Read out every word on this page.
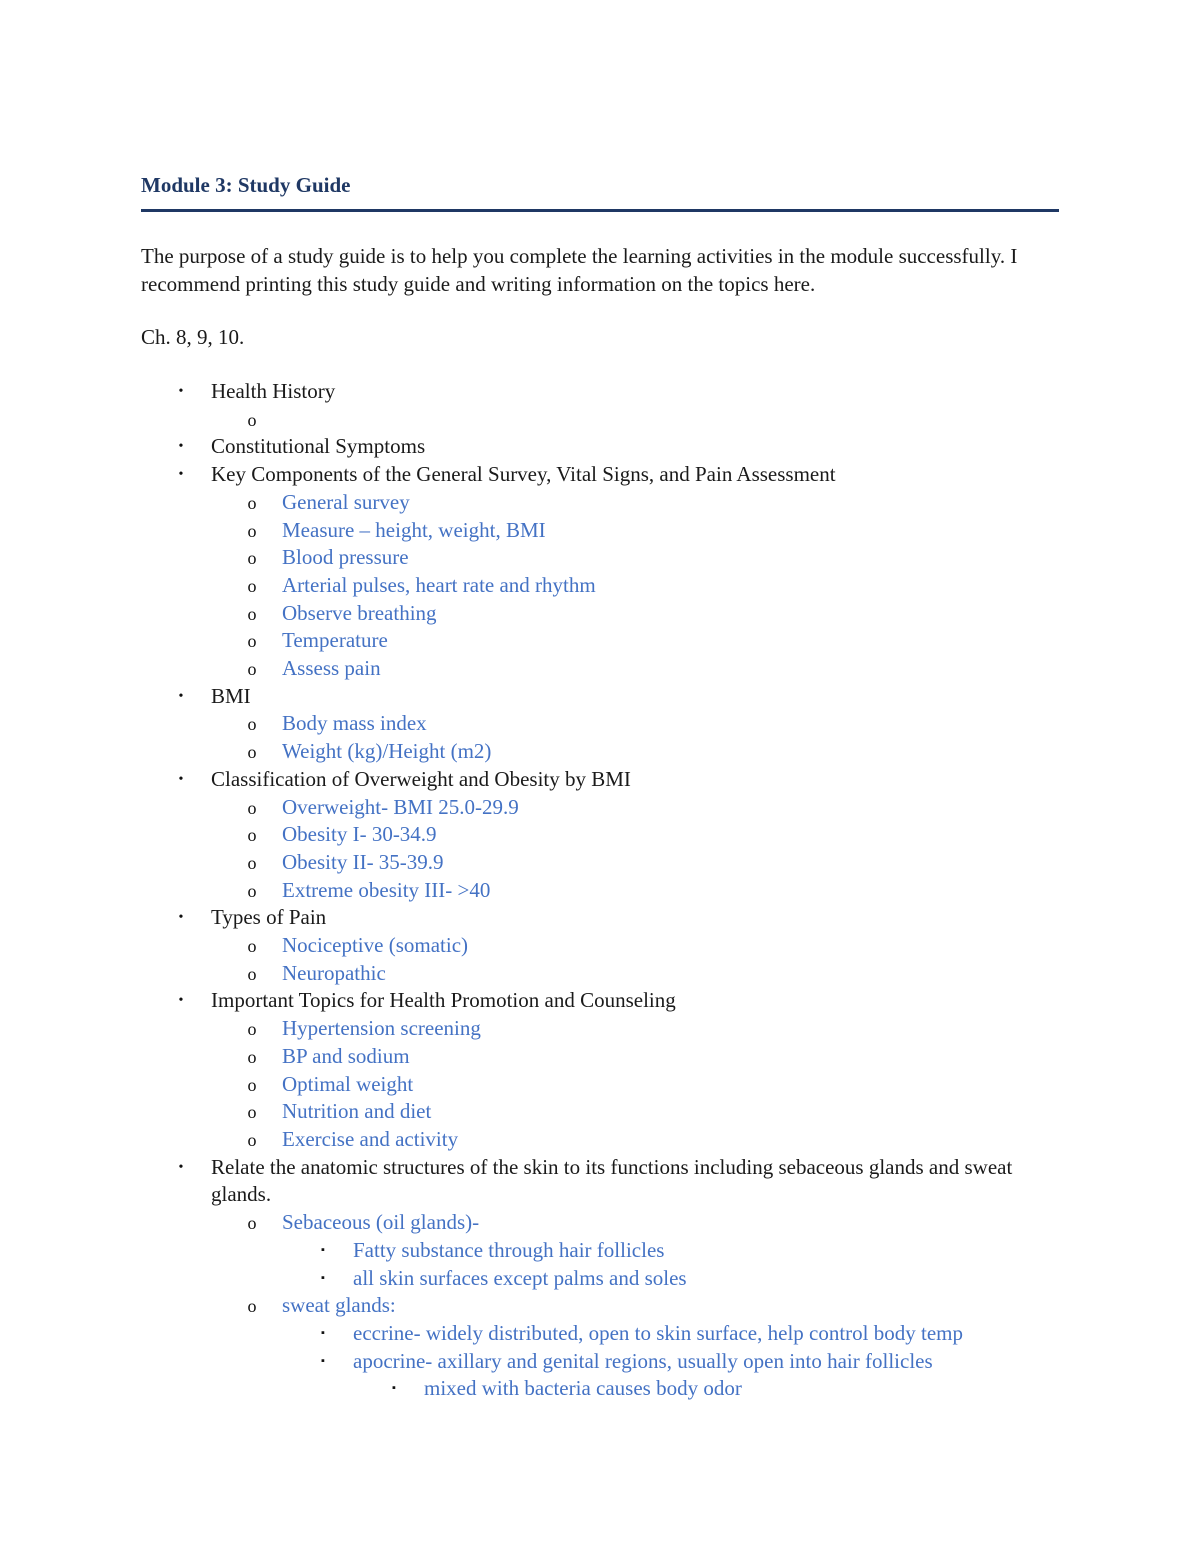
Module 3: Study Guide

The purpose of a study guide is to help you complete the learning activities in the module successfully. I recommend printing this study guide and writing information on the topics here.

Ch. 8, 9, 10.

• Health History
o

• Constitutional Symptoms
• Key Components of the General Survey, Vital Signs, and Pain Assessment
o General survey
o Measure – height, weight, BMI
o Blood pressure
o Arterial pulses, heart rate and rhythm
o Observe breathing
o Temperature
o Assess pain
• BMI
o Body mass index
o Weight (kg)/Height (m2)
• Classification of Overweight and Obesity by BMI
o Overweight- BMI 25.0-29.9
o Obesity I- 30-34.9
o Obesity II- 35-39.9
o Extreme obesity III- >40
• Types of Pain
o Nociceptive (somatic)
o Neuropathic
• Important Topics for Health Promotion and Counseling
o Hypertension screening
o BP and sodium
o Optimal weight
o Nutrition and diet
o Exercise and activity
• Relate the anatomic structures of the skin to its functions including sebaceous glands and sweat glands.
o Sebaceous (oil glands)-
▪ Fatty substance through hair follicles
▪ all skin surfaces except palms and soles
o sweat glands:
▪ eccrine- widely distributed, open to skin surface, help control body temp
▪ apocrine- axillary and genital regions, usually open into hair follicles
▪ mixed with bacteria causes body odor
